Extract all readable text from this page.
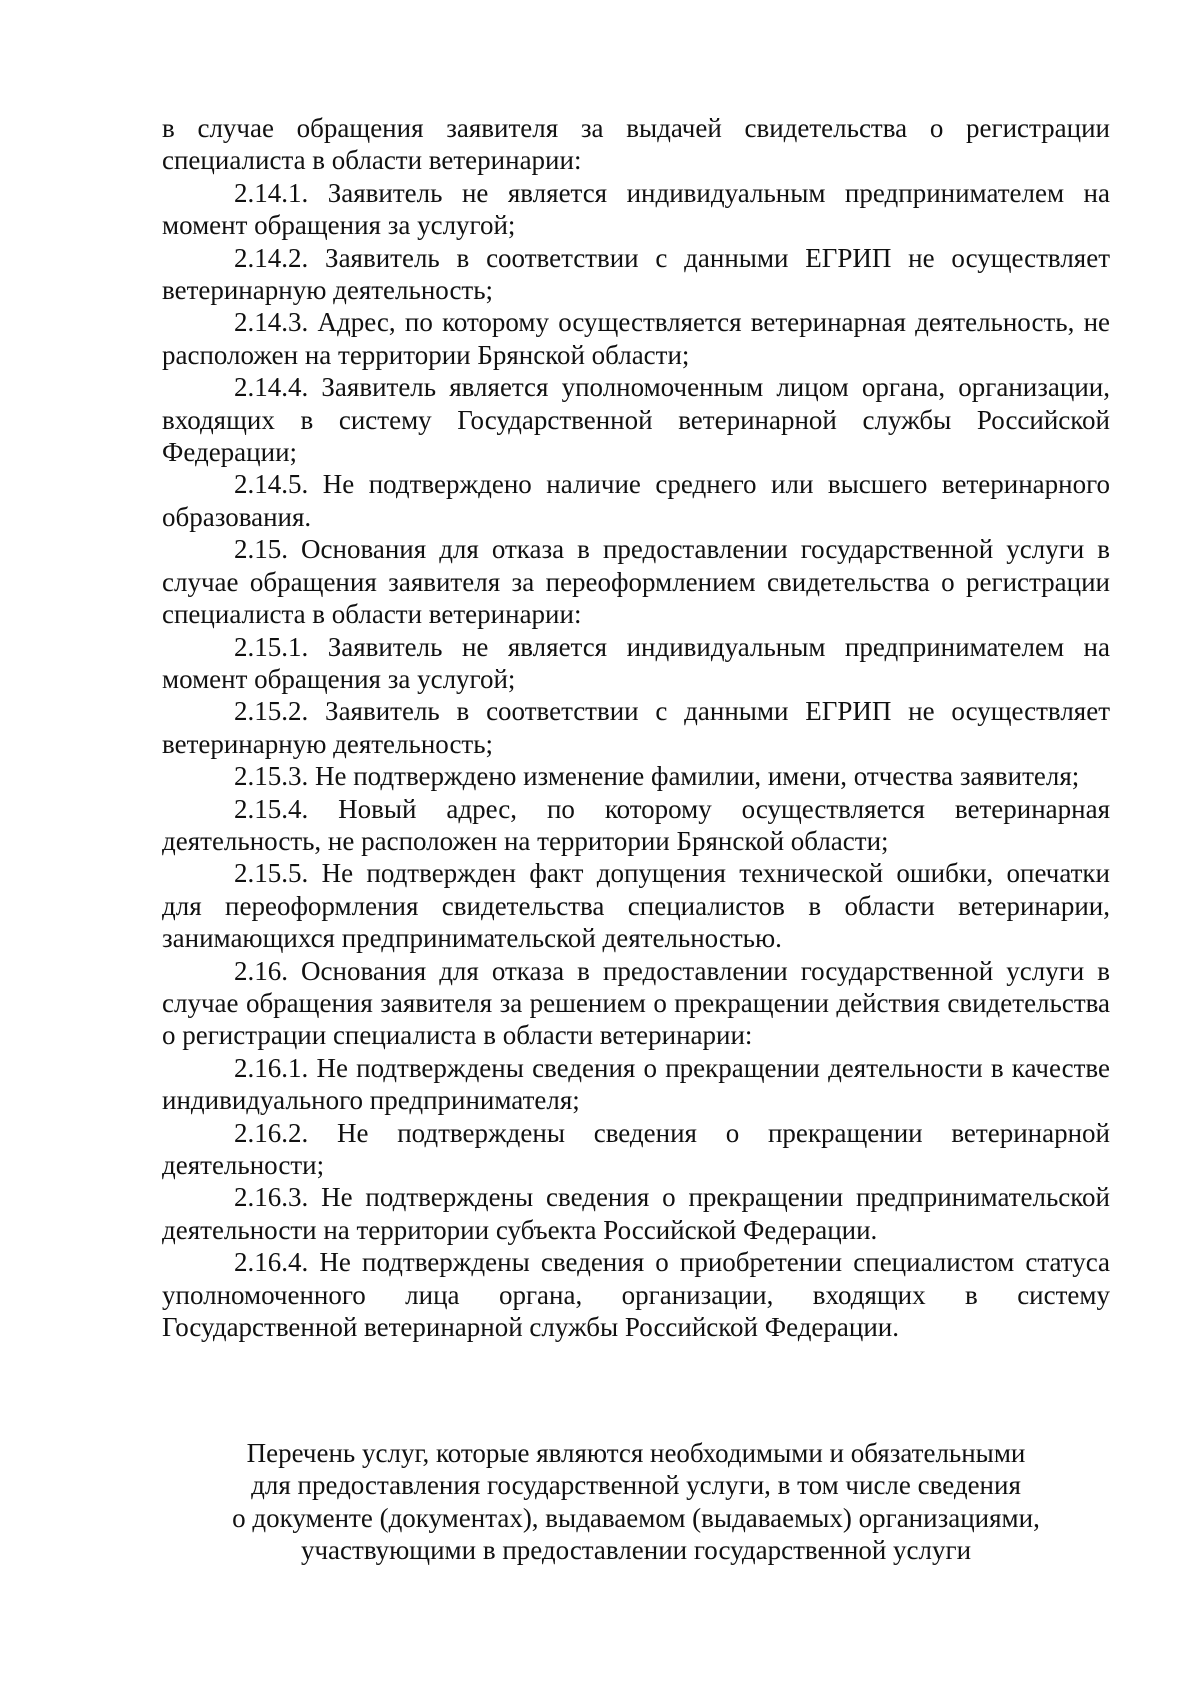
в случае обращения заявителя за выдачей свидетельства о регистрации специалиста в области ветеринарии:

2.14.1. Заявитель не является индивидуальным предпринимателем на момент обращения за услугой;

2.14.2. Заявитель в соответствии с данными ЕГРИП не осуществляет ветеринарную деятельность;

2.14.3. Адрес, по которому осуществляется ветеринарная деятельность, не расположен на территории Брянской области;

2.14.4. Заявитель является уполномоченным лицом органа, организации, входящих в систему Государственной ветеринарной службы Российской Федерации;

2.14.5. Не подтверждено наличие среднего или высшего ветеринарного образования.

2.15. Основания для отказа в предоставлении государственной услуги в случае обращения заявителя за переоформлением свидетельства о регистрации специалиста в области ветеринарии:

2.15.1. Заявитель не является индивидуальным предпринимателем на момент обращения за услугой;

2.15.2. Заявитель в соответствии с данными ЕГРИП не осуществляет ветеринарную деятельность;

2.15.3. Не подтверждено изменение фамилии, имени, отчества заявителя;

2.15.4. Новый адрес, по которому осуществляется ветеринарная деятельность, не расположен на территории Брянской области;

2.15.5. Не подтвержден факт допущения технической ошибки, опечатки для переоформления свидетельства специалистов в области ветеринарии, занимающихся предпринимательской деятельностью.

2.16. Основания для отказа в предоставлении государственной услуги в случае обращения заявителя за решением о прекращении действия свидетельства о регистрации специалиста в области ветеринарии:

2.16.1. Не подтверждены сведения о прекращении деятельности в качестве индивидуального предпринимателя;

2.16.2. Не подтверждены сведения о прекращении ветеринарной деятельности;

2.16.3. Не подтверждены сведения о прекращении предпринимательской деятельности на территории субъекта Российской Федерации.

2.16.4. Не подтверждены сведения о приобретении специалистом статуса уполномоченного лица органа, организации, входящих в систему Государственной ветеринарной службы Российской Федерации.

Перечень услуг, которые являются необходимыми и обязательными
для предоставления государственной услуги, в том числе сведения
о документе (документах), выдаваемом (выдаваемых) организациями,
участвующими в предоставлении государственной услуги
